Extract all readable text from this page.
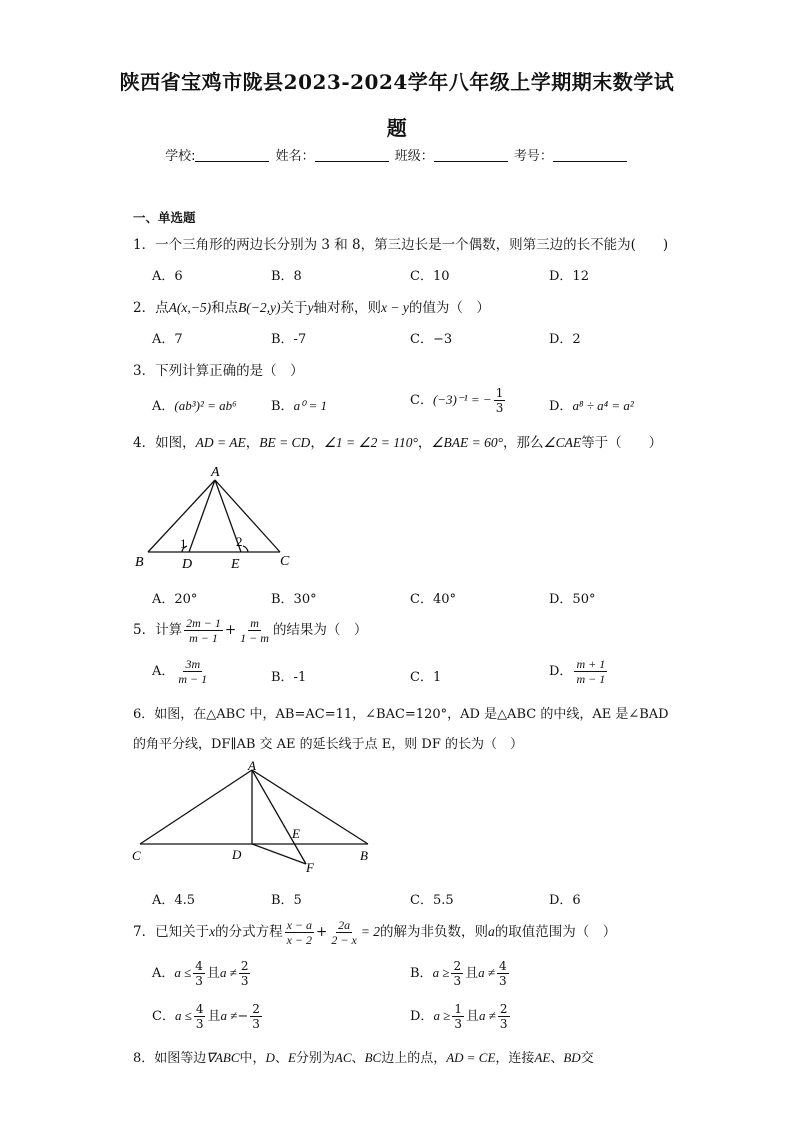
陕西省宝鸡市陇县2023-2024学年八年级上学期期末数学试
题
学校:	姓名：	班级：	考号：
一、单选题
1．一个三角形的两边长分别为 3 和 8，第三边长是一个偶数，则第三边的长不能为(　　)
A．6	B．8	C．10	D．12
2．点A(x,−5)和点B(−2,y)关于y轴对称，则x − y的值为（　）
A．7	B．-7	C．−3	D．2
3．下列计算正确的是（　）
A．(ab³)² = ab⁶	B．a⁰ = 1	C．(−3)⁻¹ = − $\frac{1}{3}$	D．a⁸ ÷ a⁴ = a²
4．如图，AD = AE，BE = CD，∠1 = ∠2 = 110°，∠BAE = 60°，那么∠CAE等于（　　）
A
B	D	E	C
1	2
A．20°	B．30°	C．40°	D．50°
5．计算 $\frac{2m - 1}{m - 1} + \frac{m}{1 - m}$ 的结果为（　）
A． $\frac{3m}{m - 1}$	B．-1	C．1	D． $\frac{m + 1}{m - 1}$
6．如图，在△ABC 中，AB=AC=11，∠BAC=120°，AD 是△ABC 的中线，AE 是∠BAD
的角平分线，DF∥AB 交 AE 的延长线于点 E，则 DF 的长为（　）
A
C	D
E
F
B
A．4.5	B．5	C．5.5	D．6
7．已知关于x的分式方程 $\frac{x - a}{x - 2} + \frac{2a}{2 - x} = 2$的解为非负数，则a的取值范围为（　）
A．$a \le \frac{4}{3}$ 且$a \ne \frac{2}{3}$	B．$a \ge \frac{2}{3}$ 且$a \ne \frac{4}{3}$
C．$a \le \frac{4}{3}$ 且$a \ne- \frac{2}{3}$	D．$a \ge \frac{1}{3}$ 且$a \ne \frac{2}{3}$
8．如图等边∇ABC中，D、E分别为AC、BC边上的点，AD = CE，连接AE、BD交
